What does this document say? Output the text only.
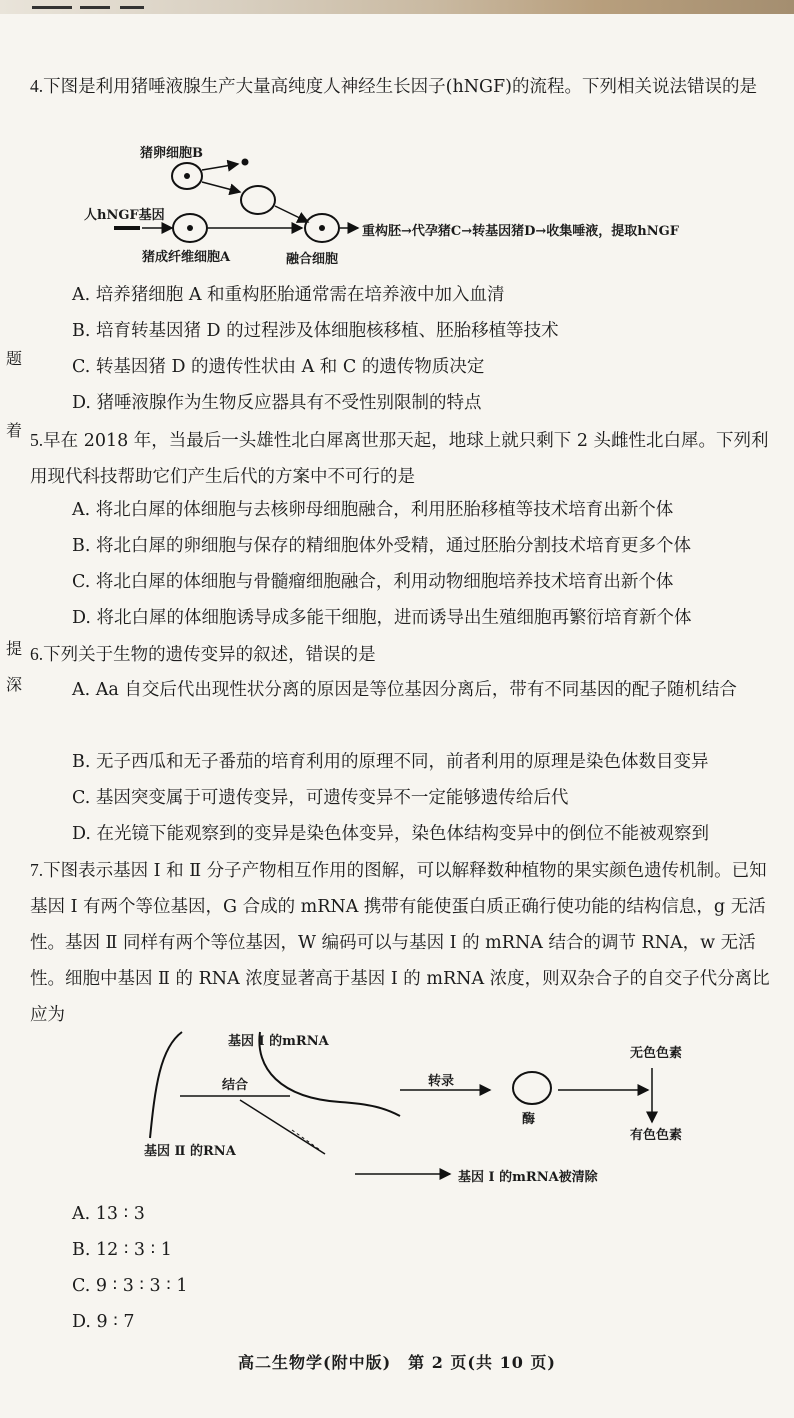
题
着
提
深
4.下图是利用猪唾液腺生产大量高纯度人神经生长因子(hNGF)的流程。下列相关说法错误的是
猪卵细胞B
人hNGF基因
猪成纤维细胞A	融合细胞
重构胚→代孕猪C→转基因猪D→收集唾液，提取hNGF
A. 培养猪细胞 A 和重构胚胎通常需在培养液中加入血清
B. 培育转基因猪 D 的过程涉及体细胞核移植、胚胎移植等技术
C. 转基因猪 D 的遗传性状由 A 和 C 的遗传物质决定
D. 猪唾液腺作为生物反应器具有不受性别限制的特点
5.早在 2018 年，当最后一头雄性北白犀离世那天起，地球上就只剩下 2 头雌性北白犀。下列利用现代科技帮助它们产生后代的方案中不可行的是
A. 将北白犀的体细胞与去核卵母细胞融合，利用胚胎移植等技术培育出新个体
B. 将北白犀的卵细胞与保存的精细胞体外受精，通过胚胎分割技术培育更多个体
C. 将北白犀的体细胞与骨髓瘤细胞融合，利用动物细胞培养技术培育出新个体
D. 将北白犀的体细胞诱导成多能干细胞，进而诱导出生殖细胞再繁衍培育新个体
6.下列关于生物的遗传变异的叙述，错误的是
A. Aa 自交后代出现性状分离的原因是等位基因分离后，带有不同基因的配子随机结合
B. 无子西瓜和无子番茄的培育利用的原理不同，前者利用的原理是染色体数目变异
C. 基因突变属于可遗传变异，可遗传变异不一定能够遗传给后代
D. 在光镜下能观察到的变异是染色体变异，染色体结构变异中的倒位不能被观察到
7.下图表示基因 Ⅰ 和 Ⅱ 分子产物相互作用的图解，可以解释数种植物的果实颜色遗传机制。已知基因 Ⅰ 有两个等位基因，G 合成的 mRNA 携带有能使蛋白质正确行使功能的结构信息，g 无活性。基因 Ⅱ 同样有两个等位基因，W 编码可以与基因 Ⅰ 的 mRNA 结合的调节 RNA，w 无活性。细胞中基因 Ⅱ 的 RNA 浓度显著高于基因 Ⅰ 的 mRNA 浓度，则双杂合子的自交子代分离比应为
基因 Ⅰ 的mRNA
结合
基因 Ⅱ 的RNA
转录
酶
无色色素
有色色素
基因 Ⅰ 的mRNA被清除
A. 13 ∶ 3
B. 12 ∶ 3 ∶ 1
C. 9 ∶ 3 ∶ 3 ∶ 1
D. 9 ∶ 7
高二生物学(附中版)　第 2 页(共 10 页)
